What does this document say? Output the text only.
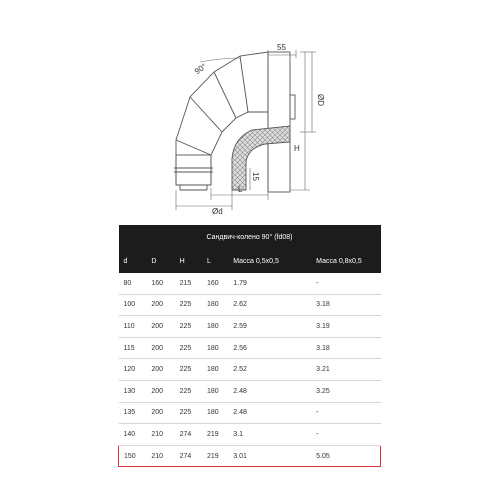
90°
55
ØD
H
15
L
Ød
Сандвич-колено 90° (fd08)					
d	D	H	L	Масса 0,5х0,5	Масса 0,8х0,5
80	160	215	160	1.79	-
100	200	225	180	2.62	3.18
110	200	225	180	2.59	3.19
115	200	225	180	2.56	3.18
120	200	225	180	2.52	3.21
130	200	225	180	2.48	3.25
135	200	225	180	2.48	-
140	210	274	219	3.1	-
150	210	274	219	3.01	5.05
